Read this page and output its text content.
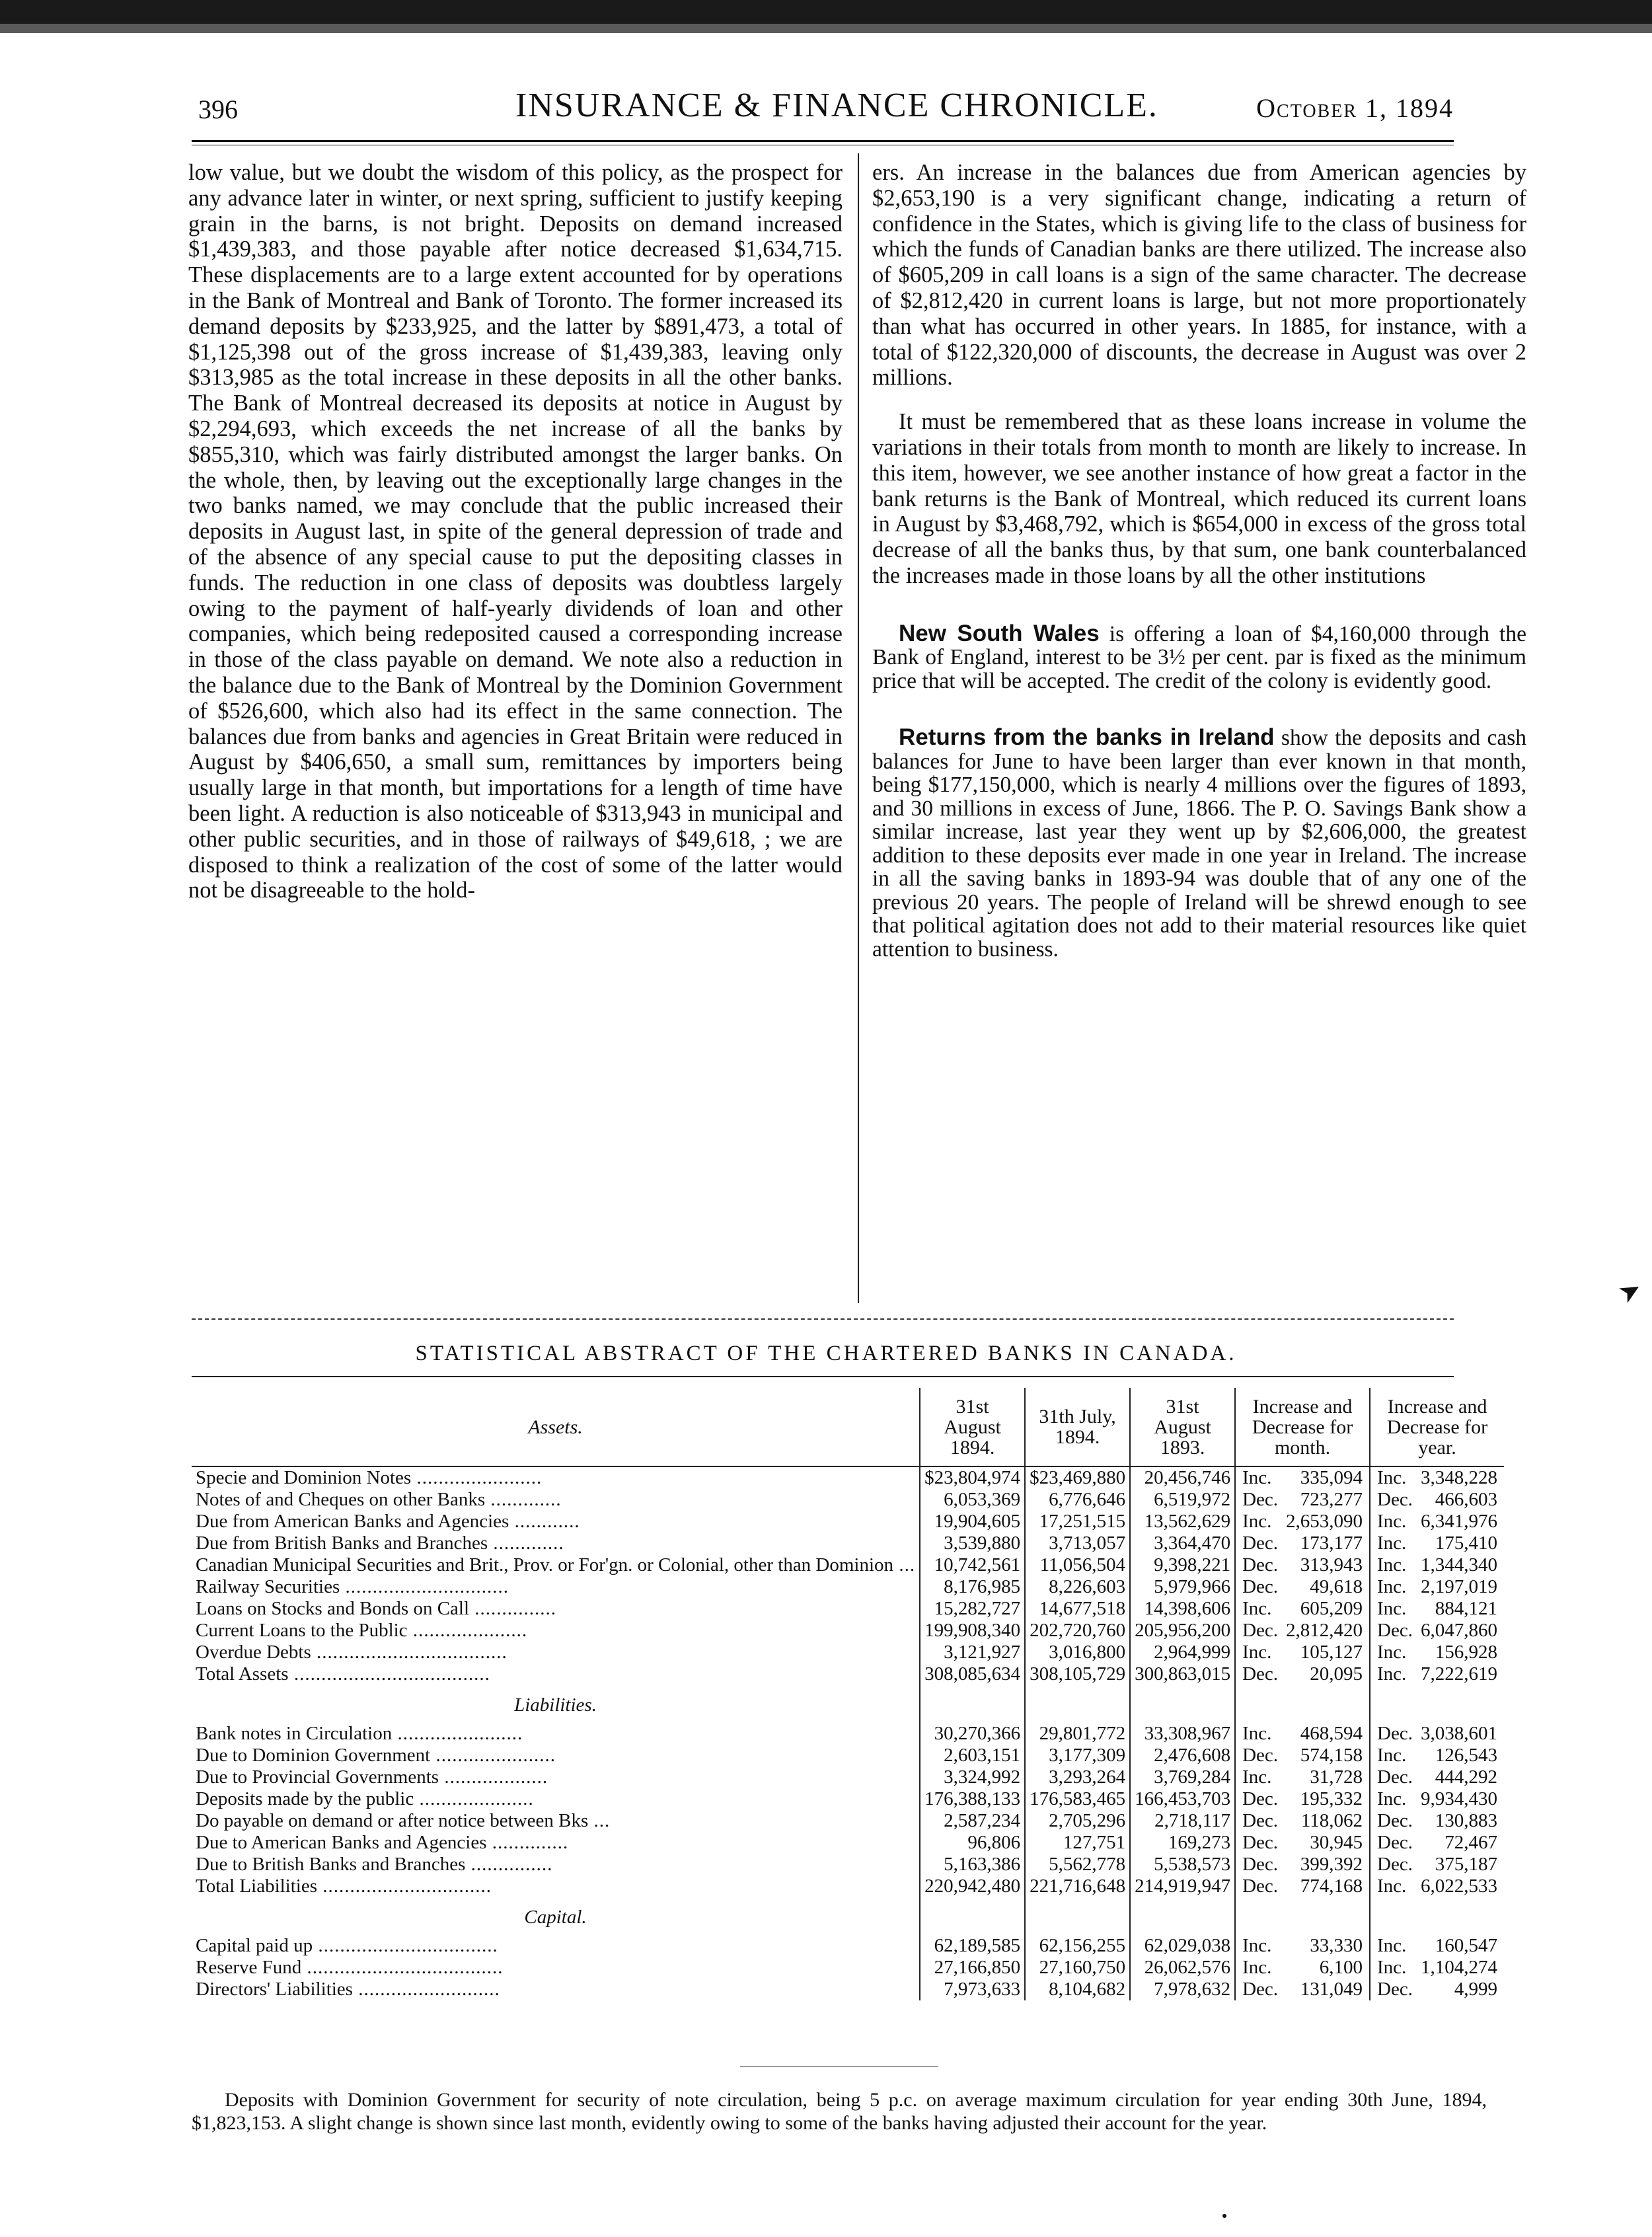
396	INSURANCE & FINANCE CHRONICLE.	October 1, 1894

low value, but we doubt the wisdom of this policy, as the prospect for any advance later in winter, or next spring, sufficient to justify keeping grain in the barns, is not bright. Deposits on demand increased $1,439,383, and those payable after notice decreased $1,634,715. These displacements are to a large extent accounted for by operations in the Bank of Montreal and Bank of Toronto. The former increased its demand deposits by $233,925, and the latter by $891,473, a total of $1,125,398 out of the gross increase of $1,439,383, leaving only $313,985 as the total increase in these deposits in all the other banks. The Bank of Montreal decreased its deposits at notice in August by $2,294,693, which exceeds the net increase of all the banks by $855,310, which was fairly distributed amongst the larger banks. On the whole, then, by leaving out the exceptionally large changes in the two banks named, we may conclude that the public increased their deposits in August last, in spite of the general depression of trade and of the absence of any special cause to put the depositing classes in funds. The reduction in one class of deposits was doubtless largely owing to the payment of half-yearly dividends of loan and other companies, which being redeposited caused a corresponding increase in those of the class payable on demand. We note also a reduction in the balance due to the Bank of Montreal by the Dominion Government of $526,600, which also had its effect in the same connection. The balances due from banks and agencies in Great Britain were reduced in August by $406,650, a small sum, remittances by importers being usually large in that month, but importations for a length of time have been light. A reduction is also noticeable of $313,943 in municipal and other public securities, and in those of railways of $49,618, ; we are disposed to think a realization of the cost of some of the latter would not be disagreeable to the hold-

ers. An increase in the balances due from American agencies by $2,653,190 is a very significant change, indicating a return of confidence in the States, which is giving life to the class of business for which the funds of Canadian banks are there utilized. The increase also of $605,209 in call loans is a sign of the same character. The decrease of $2,812,420 in current loans is large, but not more proportionately than what has occurred in other years. In 1885, for instance, with a total of $122,320,000 of discounts, the decrease in August was over 2 millions.

It must be remembered that as these loans increase in volume the variations in their totals from month to month are likely to increase. In this item, however, we see another instance of how great a factor in the bank returns is the Bank of Montreal, which reduced its current loans in August by $3,468,792, which is $654,000 in excess of the gross total decrease of all the banks thus, by that sum, one bank counterbalanced the increases made in those loans by all the other institutions

New South Wales is offering a loan of $4,160,000 through the Bank of England, interest to be 3½ per cent. par is fixed as the minimum price that will be accepted. The credit of the colony is evidently good.

Returns from the banks in Ireland show the deposits and cash balances for June to have been larger than ever known in that month, being $177,150,000, which is nearly 4 millions over the figures of 1893, and 30 millions in excess of June, 1866. The P. O. Savings Bank show a similar increase, last year they went up by $2,606,000, the greatest addition to these deposits ever made in one year in Ireland. The increase in all the saving banks in 1893-94 was double that of any one of the previous 20 years. The people of Ireland will be shrewd enough to see that political agitation does not add to their material resources like quiet attention to business.

➤
STATISTICAL ABSTRACT OF THE CHARTERED BANKS IN CANADA.
Assets.	31st August 1894.	31th July, 1894.	31st August 1893.	Increase and Decrease for month.		Increase and Decrease for year.	
Specie and Dominion Notes .......................	$23,804,974	$23,469,880	20,456,746	Inc.	335,094	Inc.	3,348,228
Notes of and Cheques on other Banks .............	6,053,369	6,776,646	6,519,972	Dec.	723,277	Dec.	466,603
Due from American Banks and Agencies ............	19,904,605	17,251,515	13,562,629	Inc.	2,653,090	Inc.	6,341,976
Due from British Banks and Branches .............	3,539,880	3,713,057	3,364,470	Dec.	173,177	Inc.	175,410
Canadian Municipal Securities and Brit., Prov. or For'gn. or Colonial, other than Dominion ...	10,742,561	11,056,504	9,398,221	Dec.	313,943	Inc.	1,344,340
Railway Securities ..............................	8,176,985	8,226,603	5,979,966	Dec.	49,618	Inc.	2,197,019
Loans on Stocks and Bonds on Call ...............	15,282,727	14,677,518	14,398,606	Inc.	605,209	Inc.	884,121
Current Loans to the Public .....................	199,908,340	202,720,760	205,956,200	Dec.	2,812,420	Dec.	6,047,860
Overdue Debts ...................................	3,121,927	3,016,800	2,964,999	Inc.	105,127	Inc.	156,928
Total Assets ....................................	308,085,634	308,105,729	300,863,015	Dec.	20,095	Inc.	7,222,619
Liabilities.							
Bank notes in Circulation .......................	30,270,366	29,801,772	33,308,967	Inc.	468,594	Dec.	3,038,601
Due to Dominion Government ......................	2,603,151	3,177,309	2,476,608	Dec.	574,158	Inc.	126,543
Due to Provincial Governments ...................	3,324,992	3,293,264	3,769,284	Inc.	31,728	Dec.	444,292
Deposits made by the public .....................	176,388,133	176,583,465	166,453,703	Dec.	195,332	Inc.	9,934,430
Do payable on demand or after notice between Bks ...	2,587,234	2,705,296	2,718,117	Dec.	118,062	Dec.	130,883
Due to American Banks and Agencies ..............	96,806	127,751	169,273	Dec.	30,945	Dec.	72,467
Due to British Banks and Branches ...............	5,163,386	5,562,778	5,538,573	Dec.	399,392	Dec.	375,187
Total Liabilities ...............................	220,942,480	221,716,648	214,919,947	Dec.	774,168	Inc.	6,022,533
Capital.							
Capital paid up .................................	62,189,585	62,156,255	62,029,038	Inc.	33,330	Inc.	160,547
Reserve Fund ....................................	27,166,850	27,160,750	26,062,576	Inc.	6,100	Inc.	1,104,274
Directors' Liabilities ..........................	7,973,633	8,104,682	7,978,632	Dec.	131,049	Dec.	4,999
Deposits with Dominion Government for security of note circulation, being 5 p.c. on average maximum circulation for year ending 30th June, 1894, $1,823,153. A slight change is shown since last month, evidently owing to some of the banks having adjusted their account for the year.
